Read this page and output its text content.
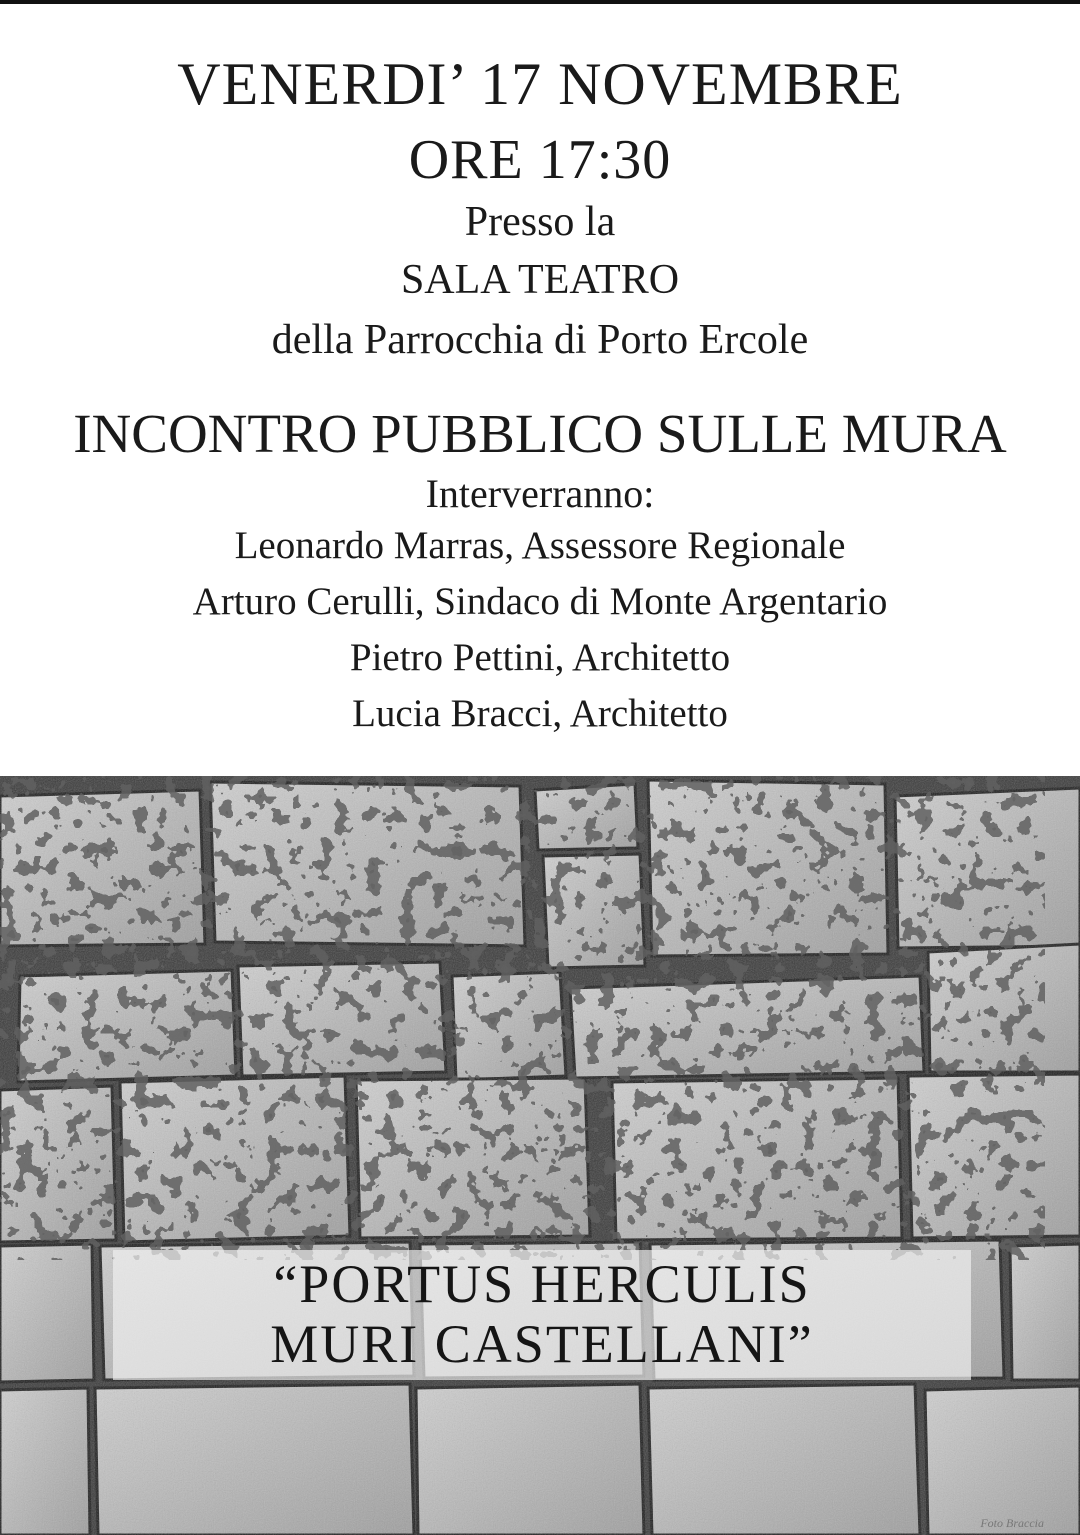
VENERDI’ 17 NOVEMBRE
ORE 17:30
Presso la
SALA TEATRO
della Parrocchia di Porto Ercole
INCONTRO PUBBLICO SULLE MURA
Interverranno:
Leonardo Marras, Assessore Regionale
Arturo Cerulli, Sindaco di Monte Argentario
Pietro Pettini, Architetto
Lucia Bracci, Architetto
“PORTUS HERCULIS
MURI CASTELLANI”
Foto Braccia
